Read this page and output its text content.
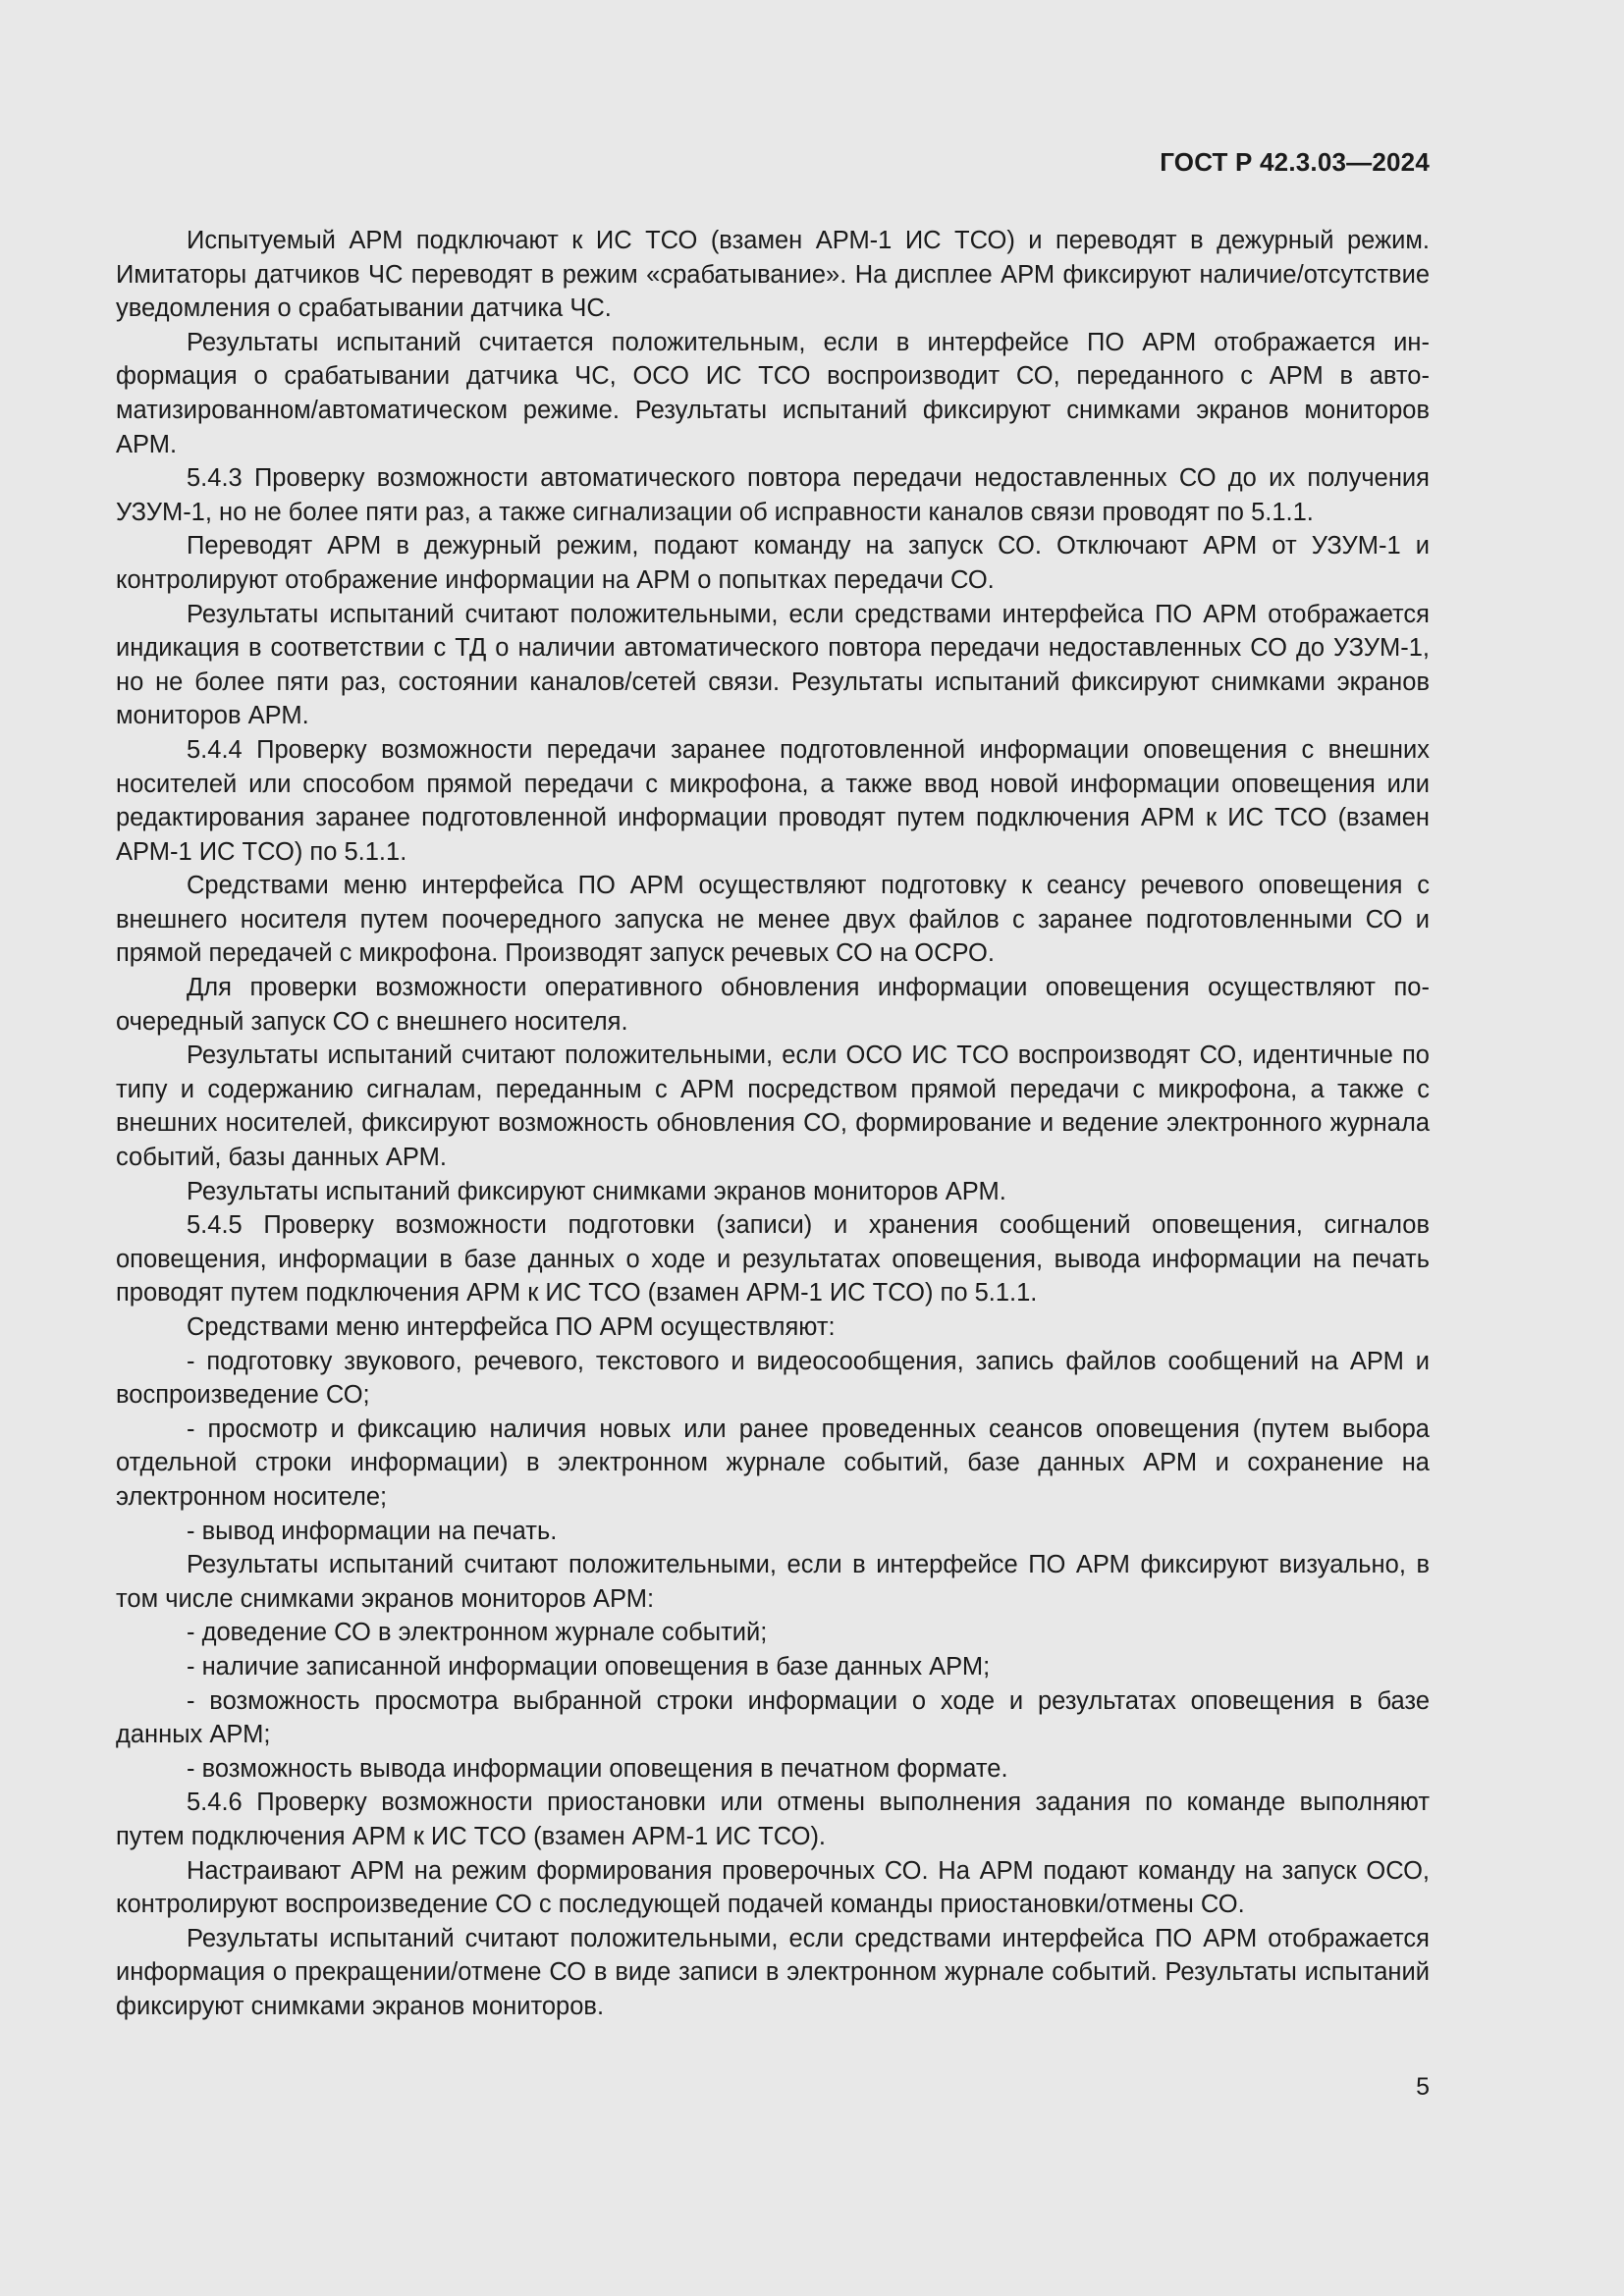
ГОСТ Р 42.3.03—2024

Испытуемый АРМ подключают к ИС ТСО (взамен АРМ-1 ИС ТСО) и переводят в дежурный режим. Имитаторы датчиков ЧС переводят в режим «срабатывание». На дисплее АРМ фиксируют наличие/отсутствие уведомления о срабатывании датчика ЧС.

Результаты испытаний считается положительным, если в интерфейсе ПО АРМ отображается информация о срабатывании датчика ЧС, ОСО ИС ТСО воспроизводит СО, переданного с АРМ в автоматизированном/автоматическом режиме. Результаты испытаний фиксируют снимками экранов мониторов АРМ.

5.4.3 Проверку возможности автоматического повтора передачи недоставленных СО до их получения УЗУМ-1, но не более пяти раз, а также сигнализации об исправности каналов связи проводят по 5.1.1.

Переводят АРМ в дежурный режим, подают команду на запуск СО. Отключают АРМ от УЗУМ-1 и контролируют отображение информации на АРМ о попытках передачи СО.

Результаты испытаний считают положительными, если средствами интерфейса ПО АРМ отображается индикация в соответствии с ТД о наличии автоматического повтора передачи недоставленных СО до УЗУМ-1, но не более пяти раз, состоянии каналов/сетей связи. Результаты испытаний фиксируют снимками экранов мониторов АРМ.

5.4.4 Проверку возможности передачи заранее подготовленной информации оповещения с внешних носителей или способом прямой передачи с микрофона, а также ввод новой информации оповещения или редактирования заранее подготовленной информации проводят путем подключения АРМ к ИС ТСО (взамен АРМ-1 ИС ТСО) по 5.1.1.

Средствами меню интерфейса ПО АРМ осуществляют подготовку к сеансу речевого оповещения с внешнего носителя путем поочередного запуска не менее двух файлов с заранее подготовленными СО и прямой передачей с микрофона. Производят запуск речевых СО на ОСРО.

Для проверки возможности оперативного обновления информации оповещения осуществляют поочередный запуск СО с внешнего носителя.

Результаты испытаний считают положительными, если ОСО ИС ТСО воспроизводят СО, идентичные по типу и содержанию сигналам, переданным с АРМ посредством прямой передачи с микрофона, а также с внешних носителей, фиксируют возможность обновления СО, формирование и ведение электронного журнала событий, базы данных АРМ.

Результаты испытаний фиксируют снимками экранов мониторов АРМ.

5.4.5 Проверку возможности подготовки (записи) и хранения сообщений оповещения, сигналов оповещения, информации в базе данных о ходе и результатах оповещения, вывода информации на печать проводят путем подключения АРМ к ИС ТСО (взамен АРМ-1 ИС ТСО) по 5.1.1.

Средствами меню интерфейса ПО АРМ осуществляют:

- подготовку звукового, речевого, текстового и видеосообщения, запись файлов сообщений на АРМ и воспроизведение СО;

- просмотр и фиксацию наличия новых или ранее проведенных сеансов оповещения (путем выбора отдельной строки информации) в электронном журнале событий, базе данных АРМ и сохранение на электронном носителе;

- вывод информации на печать.

Результаты испытаний считают положительными, если в интерфейсе ПО АРМ фиксируют визуально, в том числе снимками экранов мониторов АРМ:

- доведение СО в электронном журнале событий;

- наличие записанной информации оповещения в базе данных АРМ;

- возможность просмотра выбранной строки информации о ходе и результатах оповещения в базе данных АРМ;

- возможность вывода информации оповещения в печатном формате.

5.4.6 Проверку возможности приостановки или отмены выполнения задания по команде выполняют путем подключения АРМ к ИС ТСО (взамен АРМ-1 ИС ТСО).

Настраивают АРМ на режим формирования проверочных СО. На АРМ подают команду на запуск ОСО, контролируют воспроизведение СО с последующей подачей команды приостановки/отмены СО.

Результаты испытаний считают положительными, если средствами интерфейса ПО АРМ отображается информация о прекращении/отмене СО в виде записи в электронном журнале событий. Результаты испытаний фиксируют снимками экранов мониторов.

5
